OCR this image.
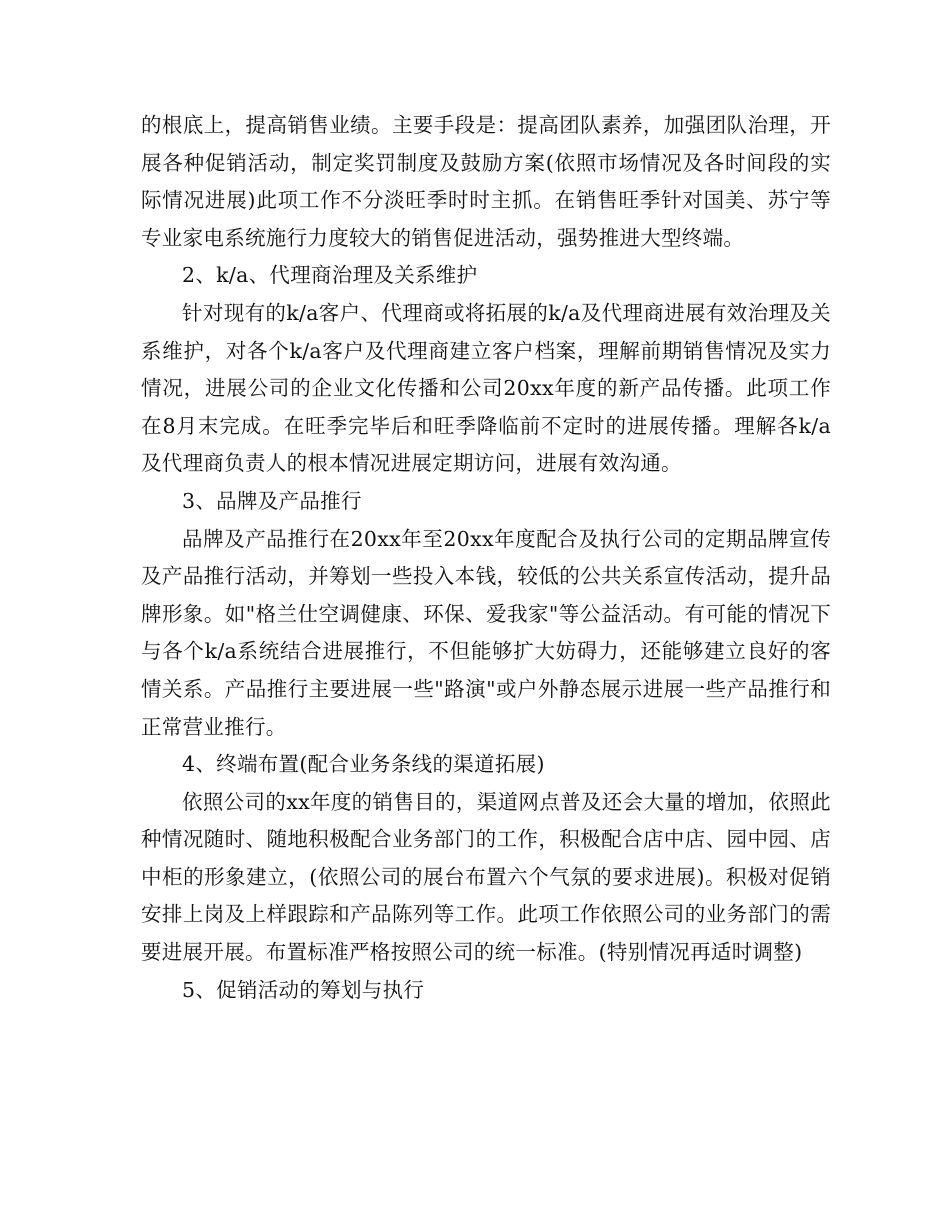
的根底上，提高销售业绩。主要手段是：提高团队素养，加强团队治理，开展各种促销活动，制定奖罚制度及鼓励方案(依照市场情况及各时间段的实际情况进展)此项工作不分淡旺季时时主抓。在销售旺季针对国美、苏宁等专业家电系统施行力度较大的销售促进活动，强势推进大型终端。

2、k/a、代理商治理及关系维护

针对现有的k/a客户、代理商或将拓展的k/a及代理商进展有效治理及关系维护，对各个k/a客户及代理商建立客户档案，理解前期销售情况及实力情况，进展公司的企业文化传播和公司20xx年度的新产品传播。此项工作在8月末完成。在旺季完毕后和旺季降临前不定时的进展传播。理解各k/a及代理商负责人的根本情况进展定期访问，进展有效沟通。

3、品牌及产品推行

品牌及产品推行在20xx年至20xx年度配合及执行公司的定期品牌宣传及产品推行活动，并筹划一些投入本钱，较低的公共关系宣传活动，提升品牌形象。如"格兰仕空调健康、环保、爱我家"等公益活动。有可能的情况下与各个k/a系统结合进展推行，不但能够扩大妨碍力，还能够建立良好的客情关系。产品推行主要进展一些"路演"或户外静态展示进展一些产品推行和正常营业推行。

4、终端布置(配合业务条线的渠道拓展)

依照公司的xx年度的销售目的，渠道网点普及还会大量的增加，依照此种情况随时、随地积极配合业务部门的工作，积极配合店中店、园中园、店中柜的形象建立，(依照公司的展台布置六个气氛的要求进展)。积极对促销安排上岗及上样跟踪和产品陈列等工作。此项工作依照公司的业务部门的需要进展开展。布置标准严格按照公司的统一标准。(特别情况再适时调整)

5、促销活动的筹划与执行
